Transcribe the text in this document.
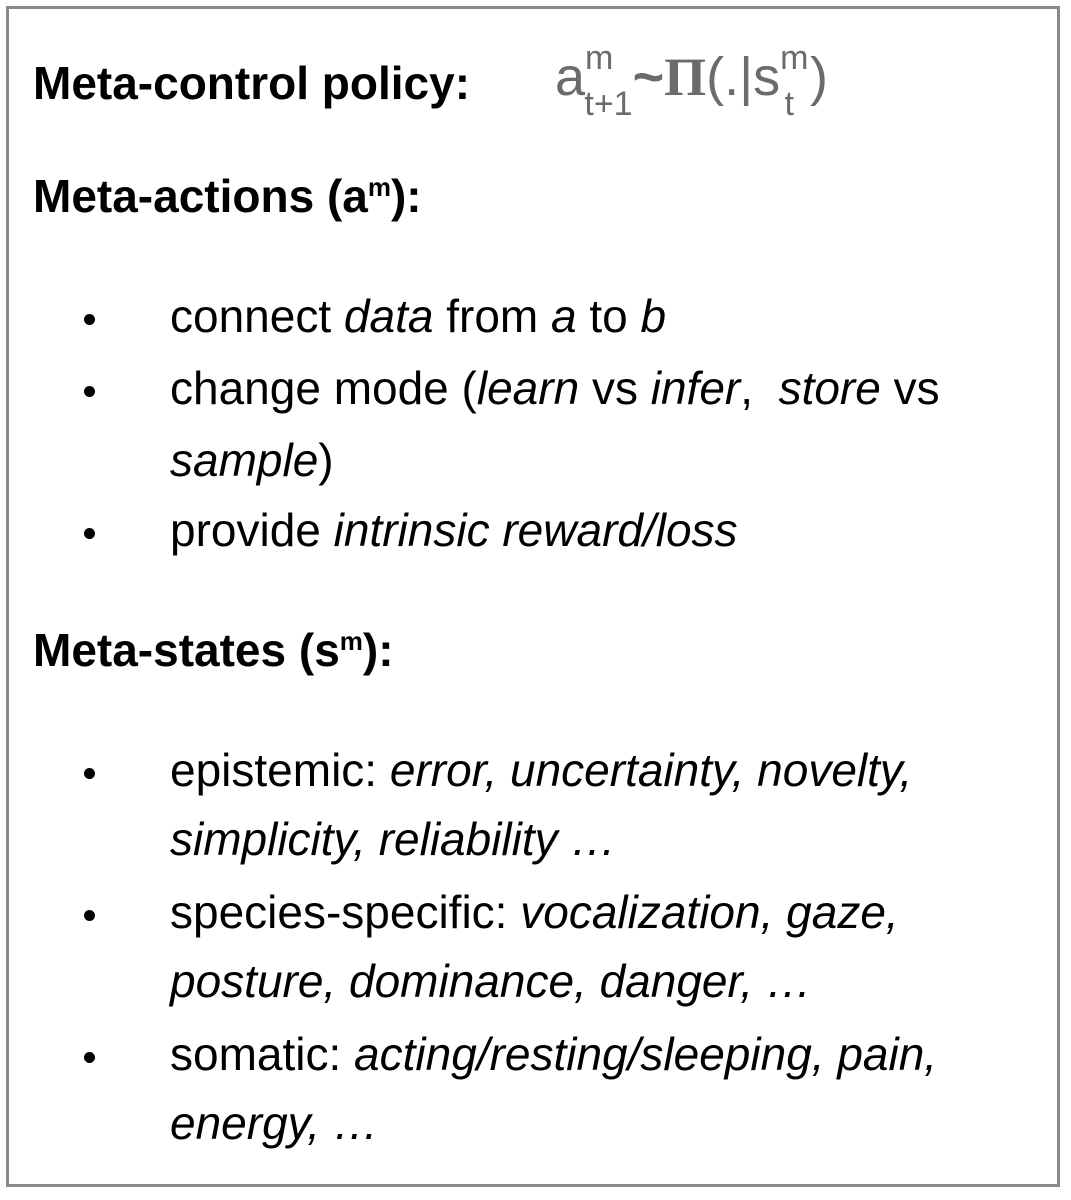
Meta-control policy: $a^m_{t+1}\sim\Pi(.|s^m_t$ )
Meta-actions $(a^m)$:
connect data from a to b
change mode (learn vs infer,  store vs
sample)
provide intrinsic reward/loss
Meta-states $(s^m)$:
epistemic: error, uncertainty, novelty,
simplicity, reliability …
species-specific: vocalization, gaze,
posture, dominance, danger, …
somatic: acting/resting/sleeping, pain,
energy, …
